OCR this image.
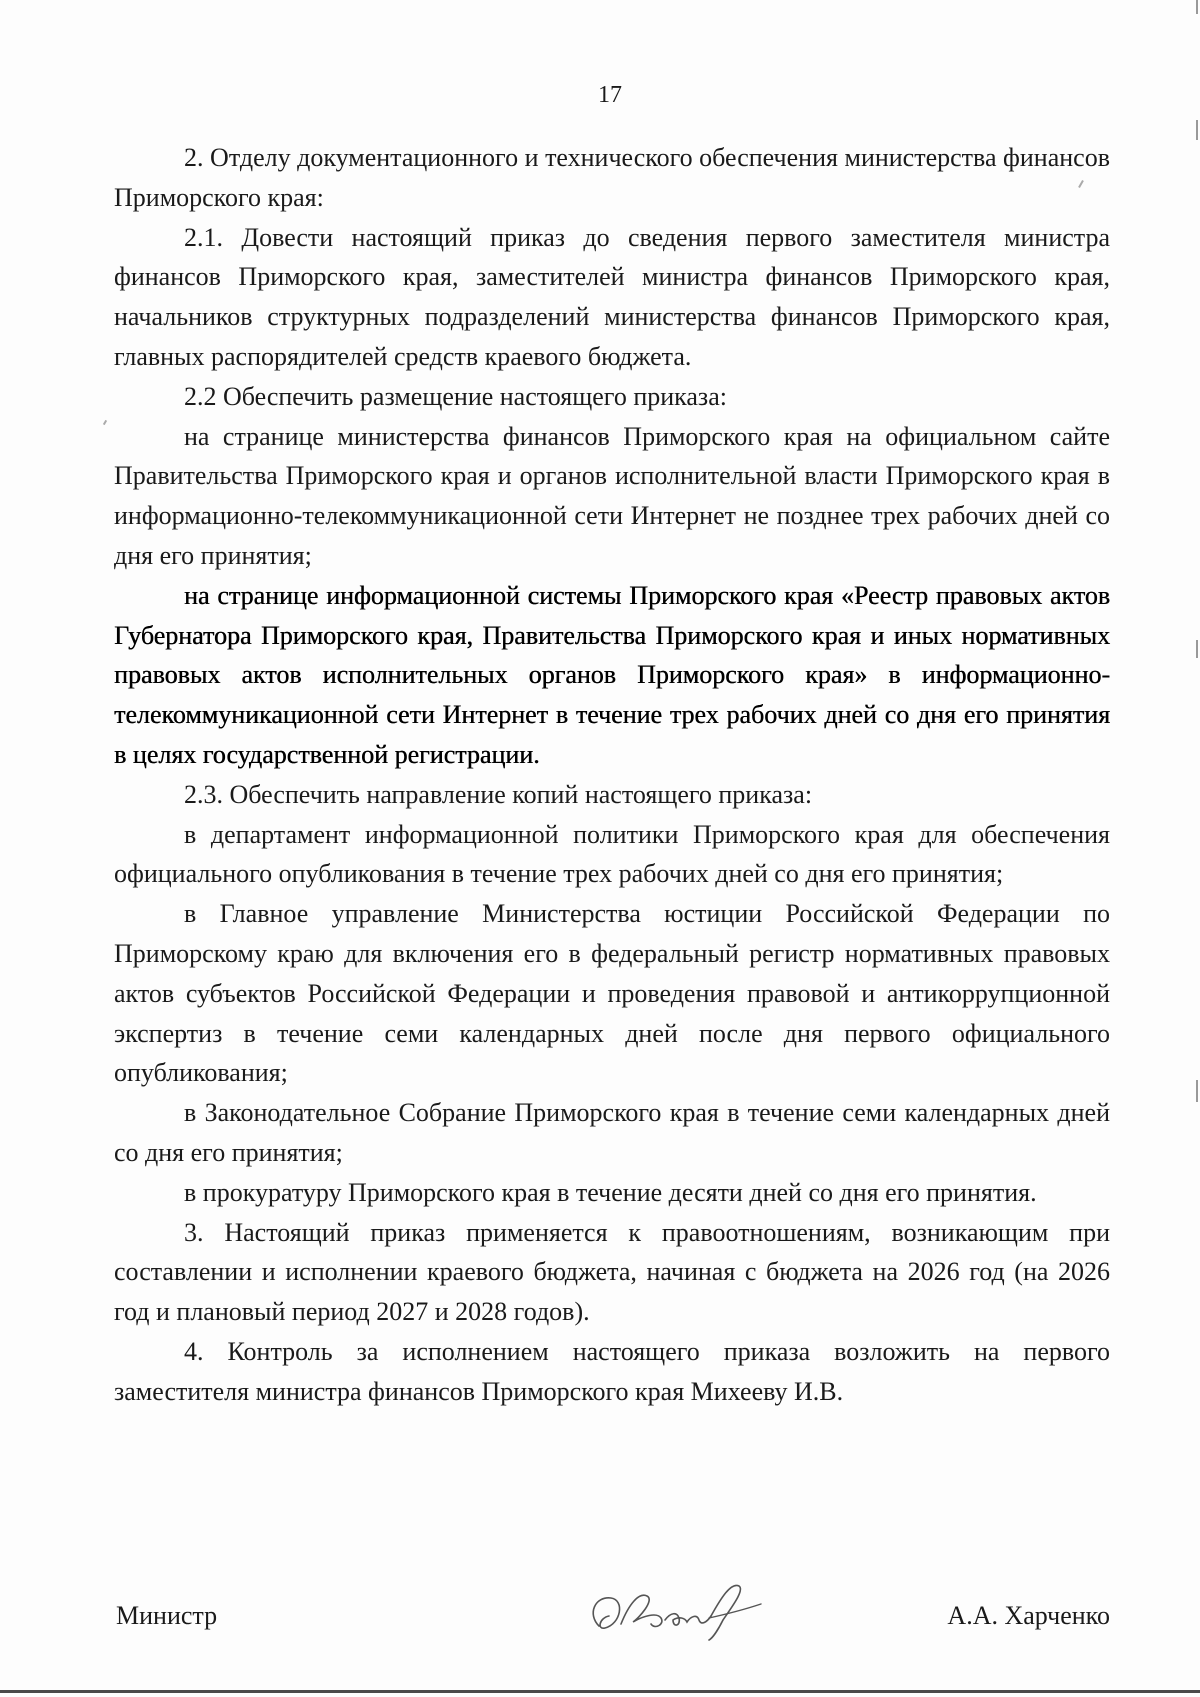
17

2. Отделу документационного и технического обеспечения министерства финансов Приморского края:

2.1. Довести настоящий приказ до сведения первого заместителя министра финансов Приморского края, заместителей министра финансов Приморского края, начальников структурных подразделений министерства финансов Приморского края, главных распорядителей средств краевого бюджета.

2.2 Обеспечить размещение настоящего приказа:

на странице министерства финансов Приморского края на официальном сайте Правительства Приморского края и органов исполнительной власти Приморского края в информационно-телекоммуникационной сети Интернет не позднее трех рабочих дней со дня его принятия;

на странице информационной системы Приморского края «Реестр правовых актов Губернатора Приморского края, Правительства Приморского края и иных нормативных правовых актов исполнительных органов Приморского края» в информационно-телекоммуникационной сети Интернет в течение трех рабочих дней со дня его принятия в целях государственной регистрации.

2.3. Обеспечить направление копий настоящего приказа:

в департамент информационной политики Приморского края для обеспечения официального опубликования в течение трех рабочих дней со дня его принятия;

в Главное управление Министерства юстиции Российской Федерации по Приморскому краю для включения его в федеральный регистр нормативных правовых актов субъектов Российской Федерации и проведения правовой и антикоррупционной экспертиз в течение семи календарных дней после дня первого официального опубликования;

в Законодательное Собрание Приморского края в течение семи календарных дней со дня его принятия;

в прокуратуру Приморского края в течение десяти дней со дня его принятия.

3. Настоящий приказ применяется к правоотношениям, возникающим при составлении и исполнении краевого бюджета, начиная с бюджета на 2026 год (на 2026 год и плановый период 2027 и 2028 годов).

4. Контроль за исполнением настоящего приказа возложить на первого заместителя министра финансов Приморского края Михееву И.В.

Министр	А.А. Харченко
